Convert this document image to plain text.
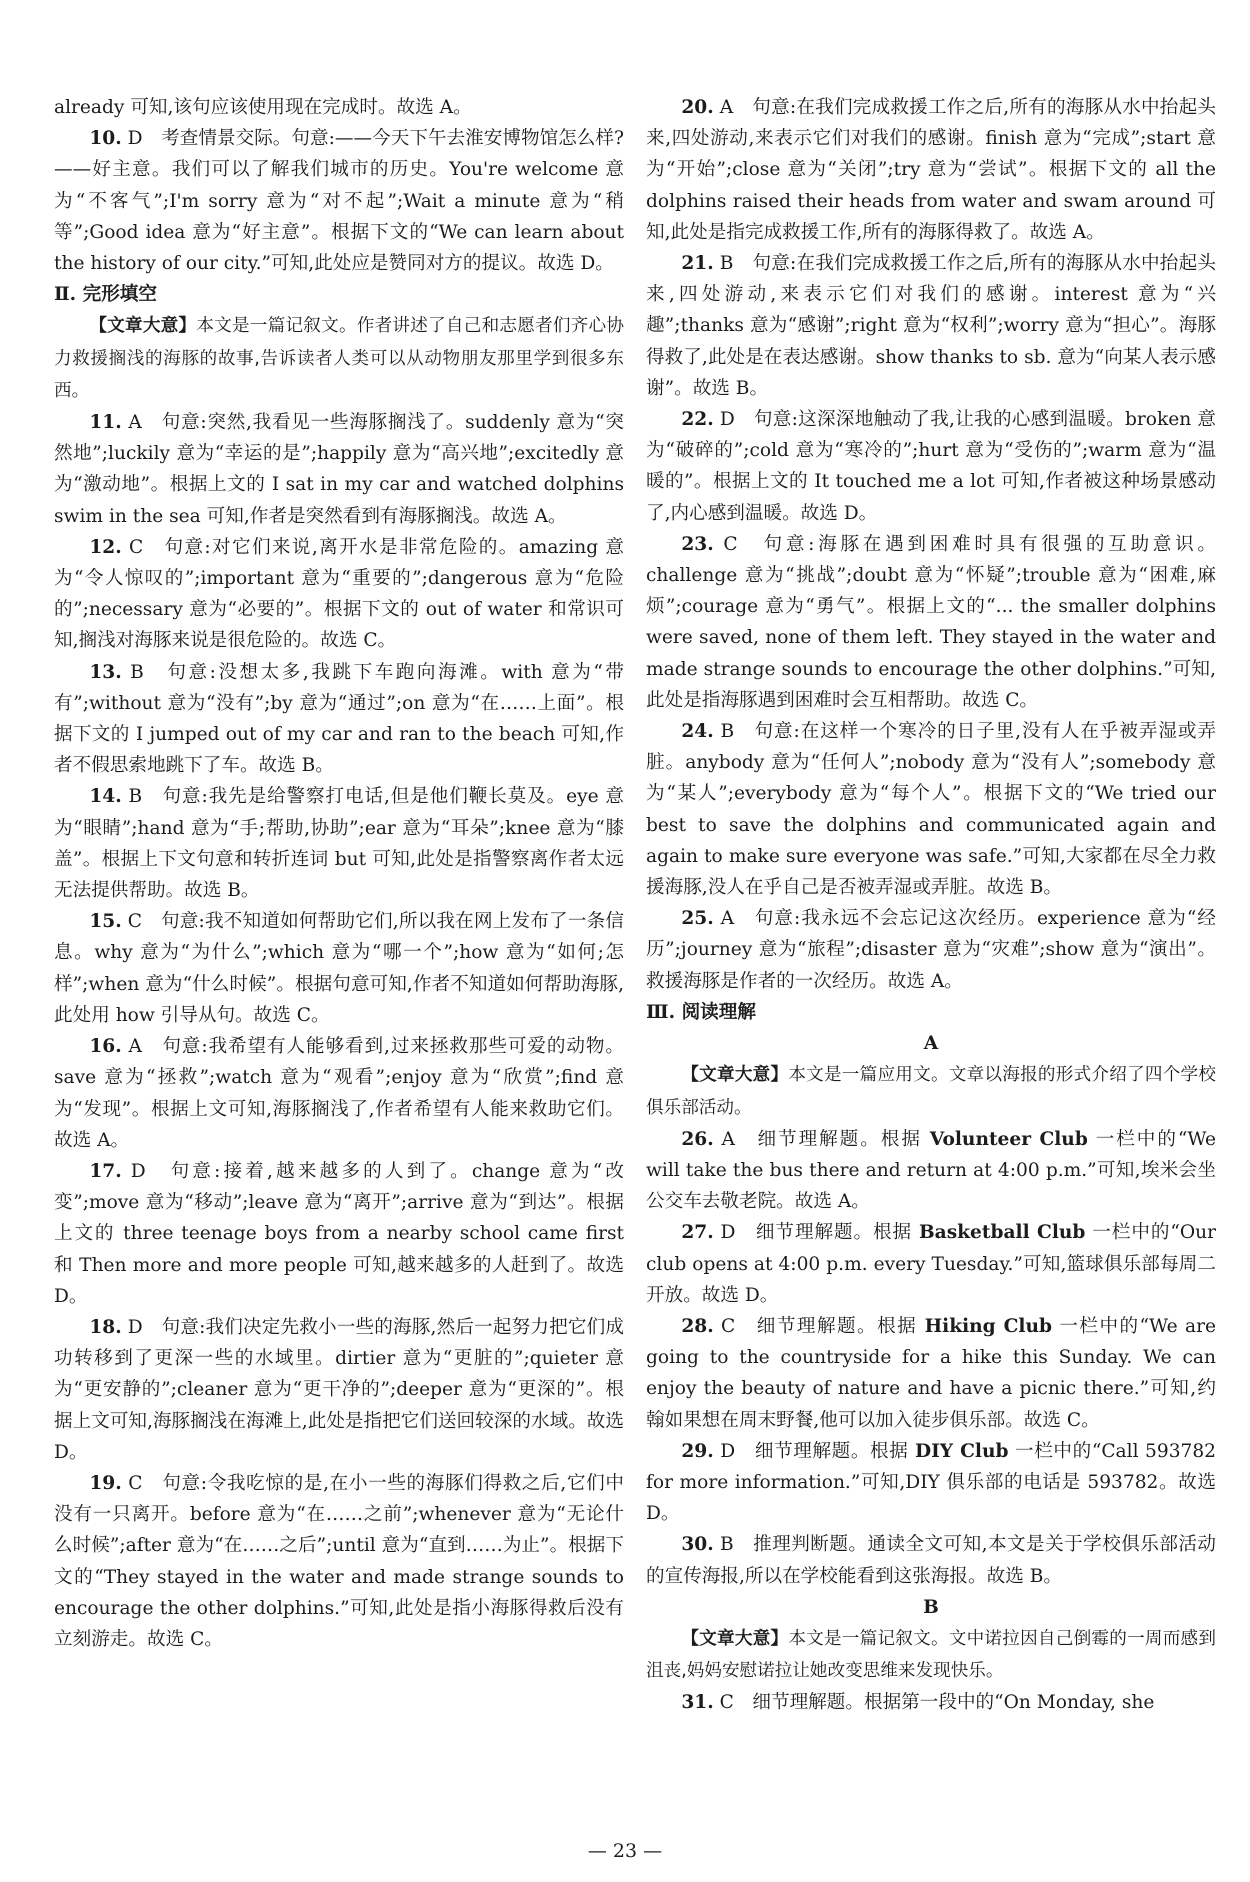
already 可知,该句应该使用现在完成时。故选 A。

10. D　考查情景交际。句意:——今天下午去淮安博物馆怎么样? ——好主意。我们可以了解我们城市的历史。You're welcome 意为“不客气”;I'm sorry 意为“对不起”;Wait a minute 意为“稍等”;Good idea 意为“好主意”。根据下文的“We can learn about the history of our city.”可知,此处应是赞同对方的提议。故选 D。

Ⅱ. 完形填空

【文章大意】本文是一篇记叙文。作者讲述了自己和志愿者们齐心协力救援搁浅的海豚的故事,告诉读者人类可以从动物朋友那里学到很多东西。

11. A　句意:突然,我看见一些海豚搁浅了。suddenly 意为“突然地”;luckily 意为“幸运的是”;happily 意为“高兴地”;excitedly 意为“激动地”。根据上文的 I sat in my car and watched dolphins swim in the sea 可知,作者是突然看到有海豚搁浅。故选 A。

12. C　句意:对它们来说,离开水是非常危险的。amazing 意为“令人惊叹的”;important 意为“重要的”;dangerous 意为“危险的”;necessary 意为“必要的”。根据下文的 out of water 和常识可知,搁浅对海豚来说是很危险的。故选 C。

13. B　句意:没想太多,我跳下车跑向海滩。with 意为“带有”;without 意为“没有”;by 意为“通过”;on 意为“在……上面”。根据下文的 I jumped out of my car and ran to the beach 可知,作者不假思索地跳下了车。故选 B。

14. B　句意:我先是给警察打电话,但是他们鞭长莫及。eye 意为“眼睛”;hand 意为“手;帮助,协助”;ear 意为“耳朵”;knee 意为“膝盖”。根据上下文句意和转折连词 but 可知,此处是指警察离作者太远无法提供帮助。故选 B。

15. C　句意:我不知道如何帮助它们,所以我在网上发布了一条信息。why 意为“为什么”;which 意为“哪一个”;how 意为“如何;怎样”;when 意为“什么时候”。根据句意可知,作者不知道如何帮助海豚,此处用 how 引导从句。故选 C。

16. A　句意:我希望有人能够看到,过来拯救那些可爱的动物。save 意为“拯救”;watch 意为“观看”;enjoy 意为“欣赏”;find 意为“发现”。根据上文可知,海豚搁浅了,作者希望有人能来救助它们。故选 A。

17. D　句意:接着,越来越多的人到了。change 意为“改变”;move 意为“移动”;leave 意为“离开”;arrive 意为“到达”。根据上文的 three teenage boys from a nearby school came first 和 Then more and more people 可知,越来越多的人赶到了。故选 D。

18. D　句意:我们决定先救小一些的海豚,然后一起努力把它们成功转移到了更深一些的水域里。dirtier 意为“更脏的”;quieter 意为“更安静的”;cleaner 意为“更干净的”;deeper 意为“更深的”。根据上文可知,海豚搁浅在海滩上,此处是指把它们送回较深的水域。故选 D。

19. C　句意:令我吃惊的是,在小一些的海豚们得救之后,它们中没有一只离开。before 意为“在……之前”;whenever 意为“无论什么时候”;after 意为“在……之后”;until 意为“直到……为止”。根据下文的“They stayed in the water and made strange sounds to encourage the other dolphins.”可知,此处是指小海豚得救后没有立刻游走。故选 C。

20. A　句意:在我们完成救援工作之后,所有的海豚从水中抬起头来,四处游动,来表示它们对我们的感谢。finish 意为“完成”;start 意为“开始”;close 意为“关闭”;try 意为“尝试”。根据下文的 all the dolphins raised their heads from water and swam around 可知,此处是指完成救援工作,所有的海豚得救了。故选 A。

21. B　句意:在我们完成救援工作之后,所有的海豚从水中抬起头来,四处游动,来表示它们对我们的感谢。interest 意为“兴趣”;thanks 意为“感谢”;right 意为“权利”;worry 意为“担心”。海豚得救了,此处是在表达感谢。show thanks to sb. 意为“向某人表示感谢”。故选 B。

22. D　句意:这深深地触动了我,让我的心感到温暖。broken 意为“破碎的”;cold 意为“寒冷的”;hurt 意为“受伤的”;warm 意为“温暖的”。根据上文的 It touched me a lot 可知,作者被这种场景感动了,内心感到温暖。故选 D。

23. C　句意:海豚在遇到困难时具有很强的互助意识。challenge 意为“挑战”;doubt 意为“怀疑”;trouble 意为“困难,麻烦”;courage 意为“勇气”。根据上文的“... the smaller dolphins were saved, none of them left. They stayed in the water and made strange sounds to encourage the other dolphins.”可知,此处是指海豚遇到困难时会互相帮助。故选 C。

24. B　句意:在这样一个寒冷的日子里,没有人在乎被弄湿或弄脏。anybody 意为“任何人”;nobody 意为“没有人”;somebody 意为“某人”;everybody 意为“每个人”。根据下文的“We tried our best to save the dolphins and communicated again and again to make sure everyone was safe.”可知,大家都在尽全力救援海豚,没人在乎自己是否被弄湿或弄脏。故选 B。

25. A　句意:我永远不会忘记这次经历。experience 意为“经历”;journey 意为“旅程”;disaster 意为“灾难”;show 意为“演出”。救援海豚是作者的一次经历。故选 A。

Ⅲ. 阅读理解

A

【文章大意】本文是一篇应用文。文章以海报的形式介绍了四个学校俱乐部活动。

26. A　细节理解题。根据 Volunteer Club 一栏中的“We will take the bus there and return at 4:00 p.m.”可知,埃米会坐公交车去敬老院。故选 A。

27. D　细节理解题。根据 Basketball Club 一栏中的“Our club opens at 4:00 p.m. every Tuesday.”可知,篮球俱乐部每周二开放。故选 D。

28. C　细节理解题。根据 Hiking Club 一栏中的“We are going to the countryside for a hike this Sunday. We can enjoy the beauty of nature and have a picnic there.”可知,约翰如果想在周末野餐,他可以加入徒步俱乐部。故选 C。

29. D　细节理解题。根据 DIY Club 一栏中的“Call 593782 for more information.”可知,DIY 俱乐部的电话是 593782。故选 D。

30. B　推理判断题。通读全文可知,本文是关于学校俱乐部活动的宣传海报,所以在学校能看到这张海报。故选 B。

B

【文章大意】本文是一篇记叙文。文中诺拉因自己倒霉的一周而感到沮丧,妈妈安慰诺拉让她改变思维来发现快乐。

31. C　细节理解题。根据第一段中的“On Monday, she

— 23 —
